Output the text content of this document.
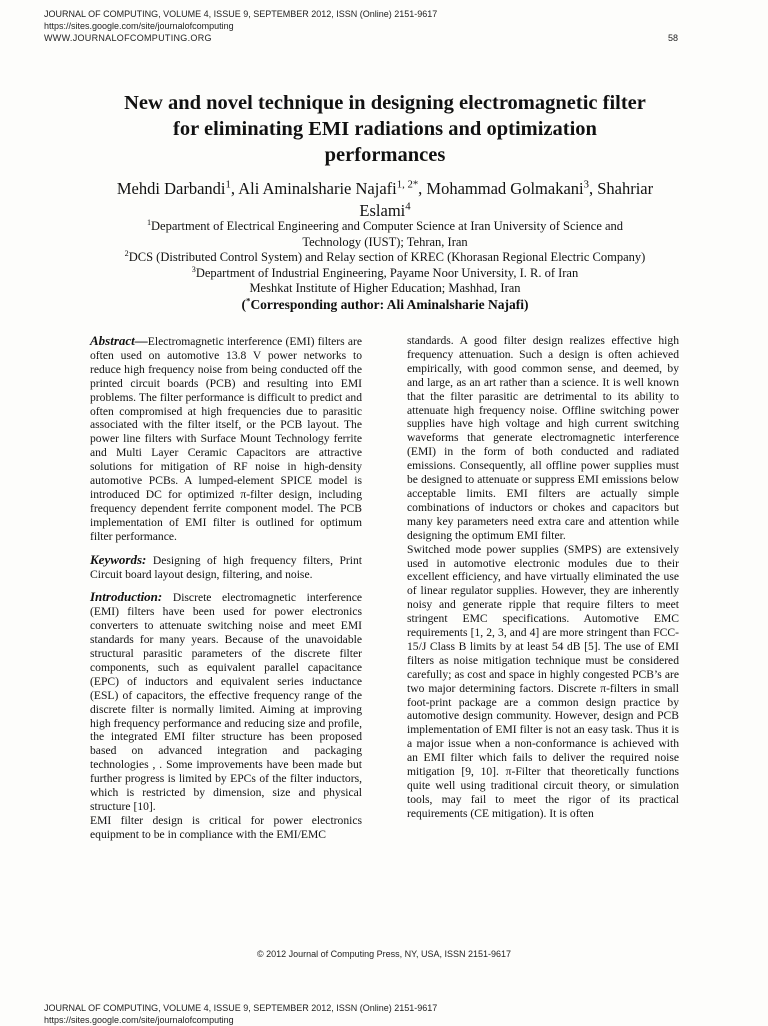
JOURNAL OF COMPUTING, VOLUME 4, ISSUE 9, SEPTEMBER 2012, ISSN (Online) 2151-9617
https://sites.google.com/site/journalofcomputing
WWW.JOURNALOFCOMPUTING.ORG	58
New and novel technique in designing electromagnetic filter
for eliminating EMI radiations and optimization
performances
Mehdi Darbandi$^1$, Ali Aminalsharie Najafi$^{1, 2*}$, Mohammad Golmakani$^3$, Shahriar
Eslami$^4$
$^1$Department of Electrical Engineering and Computer Science at Iran University of Science and
Technology (IUST); Tehran, Iran
$^2$DCS (Distributed Control System) and Relay section of KREC (Khorasan Regional Electric Company)
$^3$Department of Industrial Engineering, Payame Noor University, I. R. of Iran
Meshkat Institute of Higher Education; Mashhad, Iran
(*Corresponding author: Ali Aminalsharie Najafi)

Abstract—Electromagnetic interference (EMI) filters are often used on automotive 13.8 V power networks to reduce high frequency noise from being conducted off the printed circuit boards (PCB) and resulting into EMI problems. The filter performance is difficult to predict and often compromised at high frequencies due to parasitic associated with the filter itself, or the PCB layout. The power line filters with Surface Mount Technology ferrite and Multi Layer Ceramic Capacitors are attractive solutions for mitigation of RF noise in high-density automotive PCBs. A lumped-element SPICE model is introduced DC for optimized π-filter design, including frequency dependent ferrite component model. The PCB implementation of EMI filter is outlined for optimum filter performance.

Keywords: Designing of high frequency filters, Print Circuit board layout design, filtering, and noise.

Introduction: Discrete electromagnetic interference (EMI) filters have been used for power electronics converters to attenuate switching noise and meet EMI standards for many years. Because of the unavoidable structural parasitic parameters of the discrete filter components, such as equivalent parallel capacitance (EPC) of inductors and equivalent series inductance (ESL) of capacitors, the effective frequency range of the discrete filter is normally limited. Aiming at improving high frequency performance and reducing size and profile, the integrated EMI filter structure has been proposed based on advanced integration and packaging technologies , . Some improvements have been made but further progress is limited by EPCs of the filter inductors, which is restricted by dimension, size and physical structure [10].

EMI filter design is critical for power electronics equipment to be in compliance with the EMI/EMC

standards. A good filter design realizes effective high frequency attenuation. Such a design is often achieved empirically, with good common sense, and deemed, by and large, as an art rather than a science. It is well known that the filter parasitic are detrimental to its ability to attenuate high frequency noise. Offline switching power supplies have high voltage and high current switching waveforms that generate electromagnetic interference (EMI) in the form of both conducted and radiated emissions. Consequently, all offline power supplies must be designed to attenuate or suppress EMI emissions below acceptable limits. EMI filters are actually simple combinations of inductors or chokes and capacitors but many key parameters need extra care and attention while designing the optimum EMI filter.

Switched mode power supplies (SMPS) are extensively used in automotive electronic modules due to their excellent efficiency, and have virtually eliminated the use of linear regulator supplies. However, they are inherently noisy and generate ripple that require filters to meet stringent EMC specifications. Automotive EMC requirements [1, 2, 3, and 4] are more stringent than FCC-15/J Class B limits by at least 54 dB [5]. The use of EMI filters as noise mitigation technique must be considered carefully; as cost and space in highly congested PCB’s are two major determining factors. Discrete π-filters in small foot-print package are a common design practice by automotive design community. However, design and PCB implementation of EMI filter is not an easy task. Thus it is a major issue when a non-conformance is achieved with an EMI filter which fails to deliver the required noise mitigation [9, 10]. π-Filter that theoretically functions quite well using traditional circuit theory, or simulation tools, may fail to meet the rigor of its practical requirements (CE mitigation). It is often

© 2012 Journal of Computing Press, NY, USA, ISSN 2151-9617
JOURNAL OF COMPUTING, VOLUME 4, ISSUE 9, SEPTEMBER 2012, ISSN (Online) 2151-9617
https://sites.google.com/site/journalofcomputing
